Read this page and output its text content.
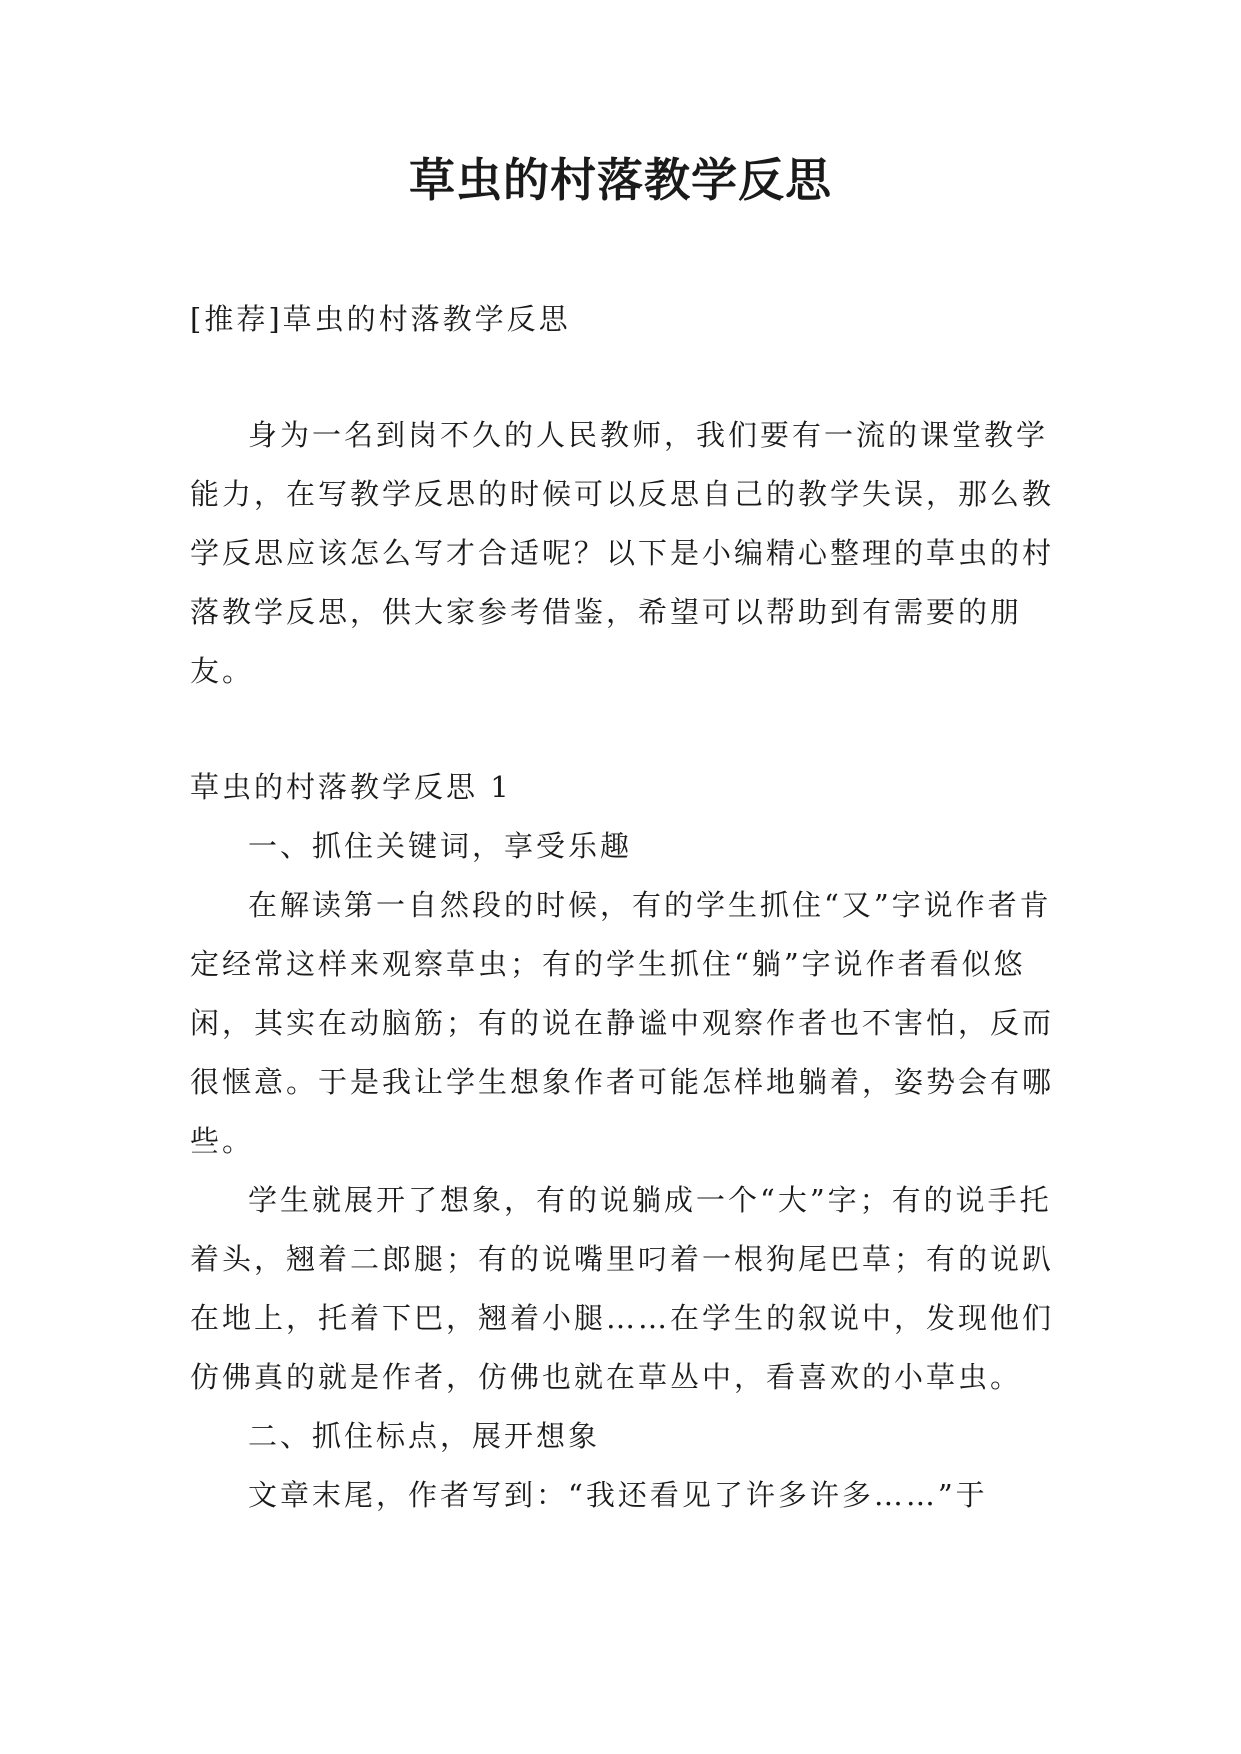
草虫的村落教学反思

[推荐]草虫的村落教学反思

身为一名到岗不久的人民教师，我们要有一流的课堂教学能力，在写教学反思的时候可以反思自己的教学失误，那么教学反思应该怎么写才合适呢？以下是小编精心整理的草虫的村落教学反思，供大家参考借鉴，希望可以帮助到有需要的朋友。

草虫的村落教学反思 1

一、抓住关键词，享受乐趣

在解读第一自然段的时候，有的学生抓住“又”字说作者肯定经常这样来观察草虫；有的学生抓住“躺”字说作者看似悠闲，其实在动脑筋；有的说在静谧中观察作者也不害怕，反而很惬意。于是我让学生想象作者可能怎样地躺着，姿势会有哪些。

学生就展开了想象，有的说躺成一个“大”字；有的说手托着头，翘着二郎腿；有的说嘴里叼着一根狗尾巴草；有的说趴在地上，托着下巴，翘着小腿……在学生的叙说中，发现他们仿佛真的就是作者，仿佛也就在草丛中，看喜欢的小草虫。

二、抓住标点，展开想象

文章末尾，作者写到：“我还看见了许多许多……”于
